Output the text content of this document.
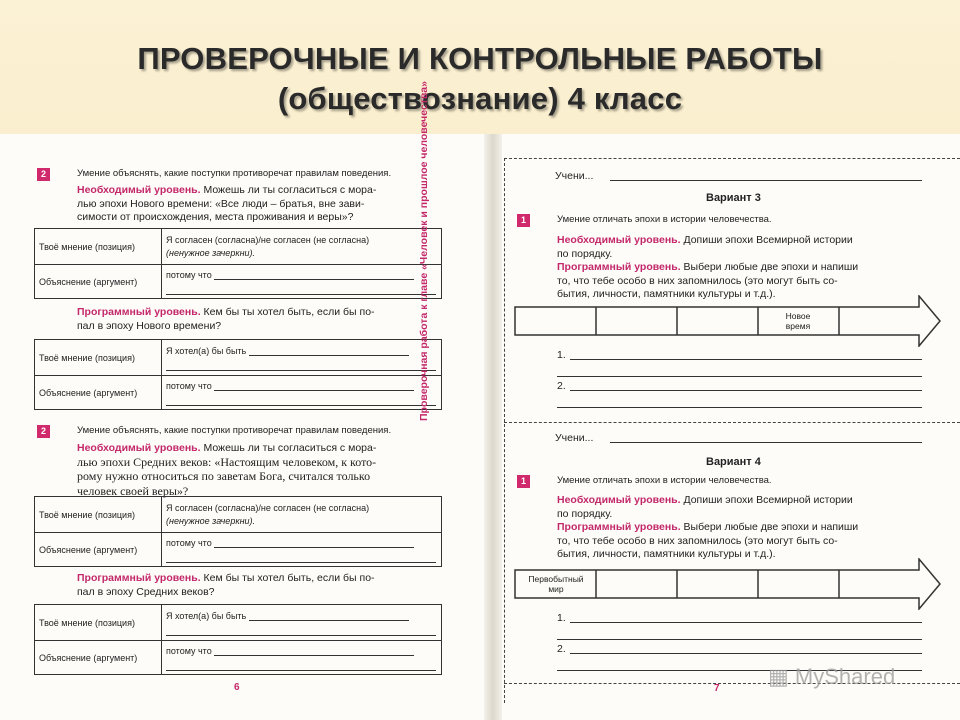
ПРОВЕРОЧНЫЕ И КОНТРОЛЬНЫЕ РАБОТЫ
(обществознание) 4 класс
2	Умение объяснять, какие поступки противоречат правилам поведения.
Необходимый уровень. Можешь ли ты согласиться с мора-
лью эпохи Нового времени: «Все люди – братья, вне зави-
симости от происхождения, места проживания и веры»?
Твоё мнение (позиция)	Я согласен (согласна)/не согласен (не согласна)
(ненужное зачеркни).

Объяснение (аргумент)	потому что
Программный уровень. Кем бы ты хотел быть, если бы по-
пал в эпоху Нового времени?
Твоё мнение (позиция)	Я хотел(а) бы быть
Объяснение (аргумент)	потому что
2	Умение объяснять, какие поступки противоречат правилам поведения.
Необходимый уровень. Можешь ли ты согласиться с мора-
лью эпохи Средних веков: «Настоящим человеком, к кото-
рому нужно относиться по заветам Бога, считался только
человек своей веры»?
Твоё мнение (позиция)	Я согласен (согласна)/не согласен (не согласна)
(ненужное зачеркни).

Объяснение (аргумент)	потому что
Программный уровень. Кем бы ты хотел быть, если бы по-
пал в эпоху Средних веков?
Твоё мнение (позиция)	Я хотел(а) бы быть
Объяснение (аргумент)	потому что
6
Учени...
Вариант 3
1	Умение отличать эпохи в истории человечества.
Необходимый уровень. Допиши эпохи Всемирной истории
по порядку.
Программный уровень. Выбери любые две эпохи и напиши
то, что тебе особо в них запомнилось (это могут быть со-
бытия, личности, памятники культуры и т.д.).
Новое
время
1.
2.
Учени...
Вариант 4
1	Умение отличать эпохи в истории человечества.
Необходимый уровень. Допиши эпохи Всемирной истории
по порядку.
Программный уровень. Выбери любые две эпохи и напиши
то, что тебе особо в них запомнилось (это могут быть со-
бытия, личности, памятники культуры и т.д.).
Первобытный
мир
1.
2.
7
Проверочная работа к главе «Человек и прошлое человечества»
▦ MyShared
